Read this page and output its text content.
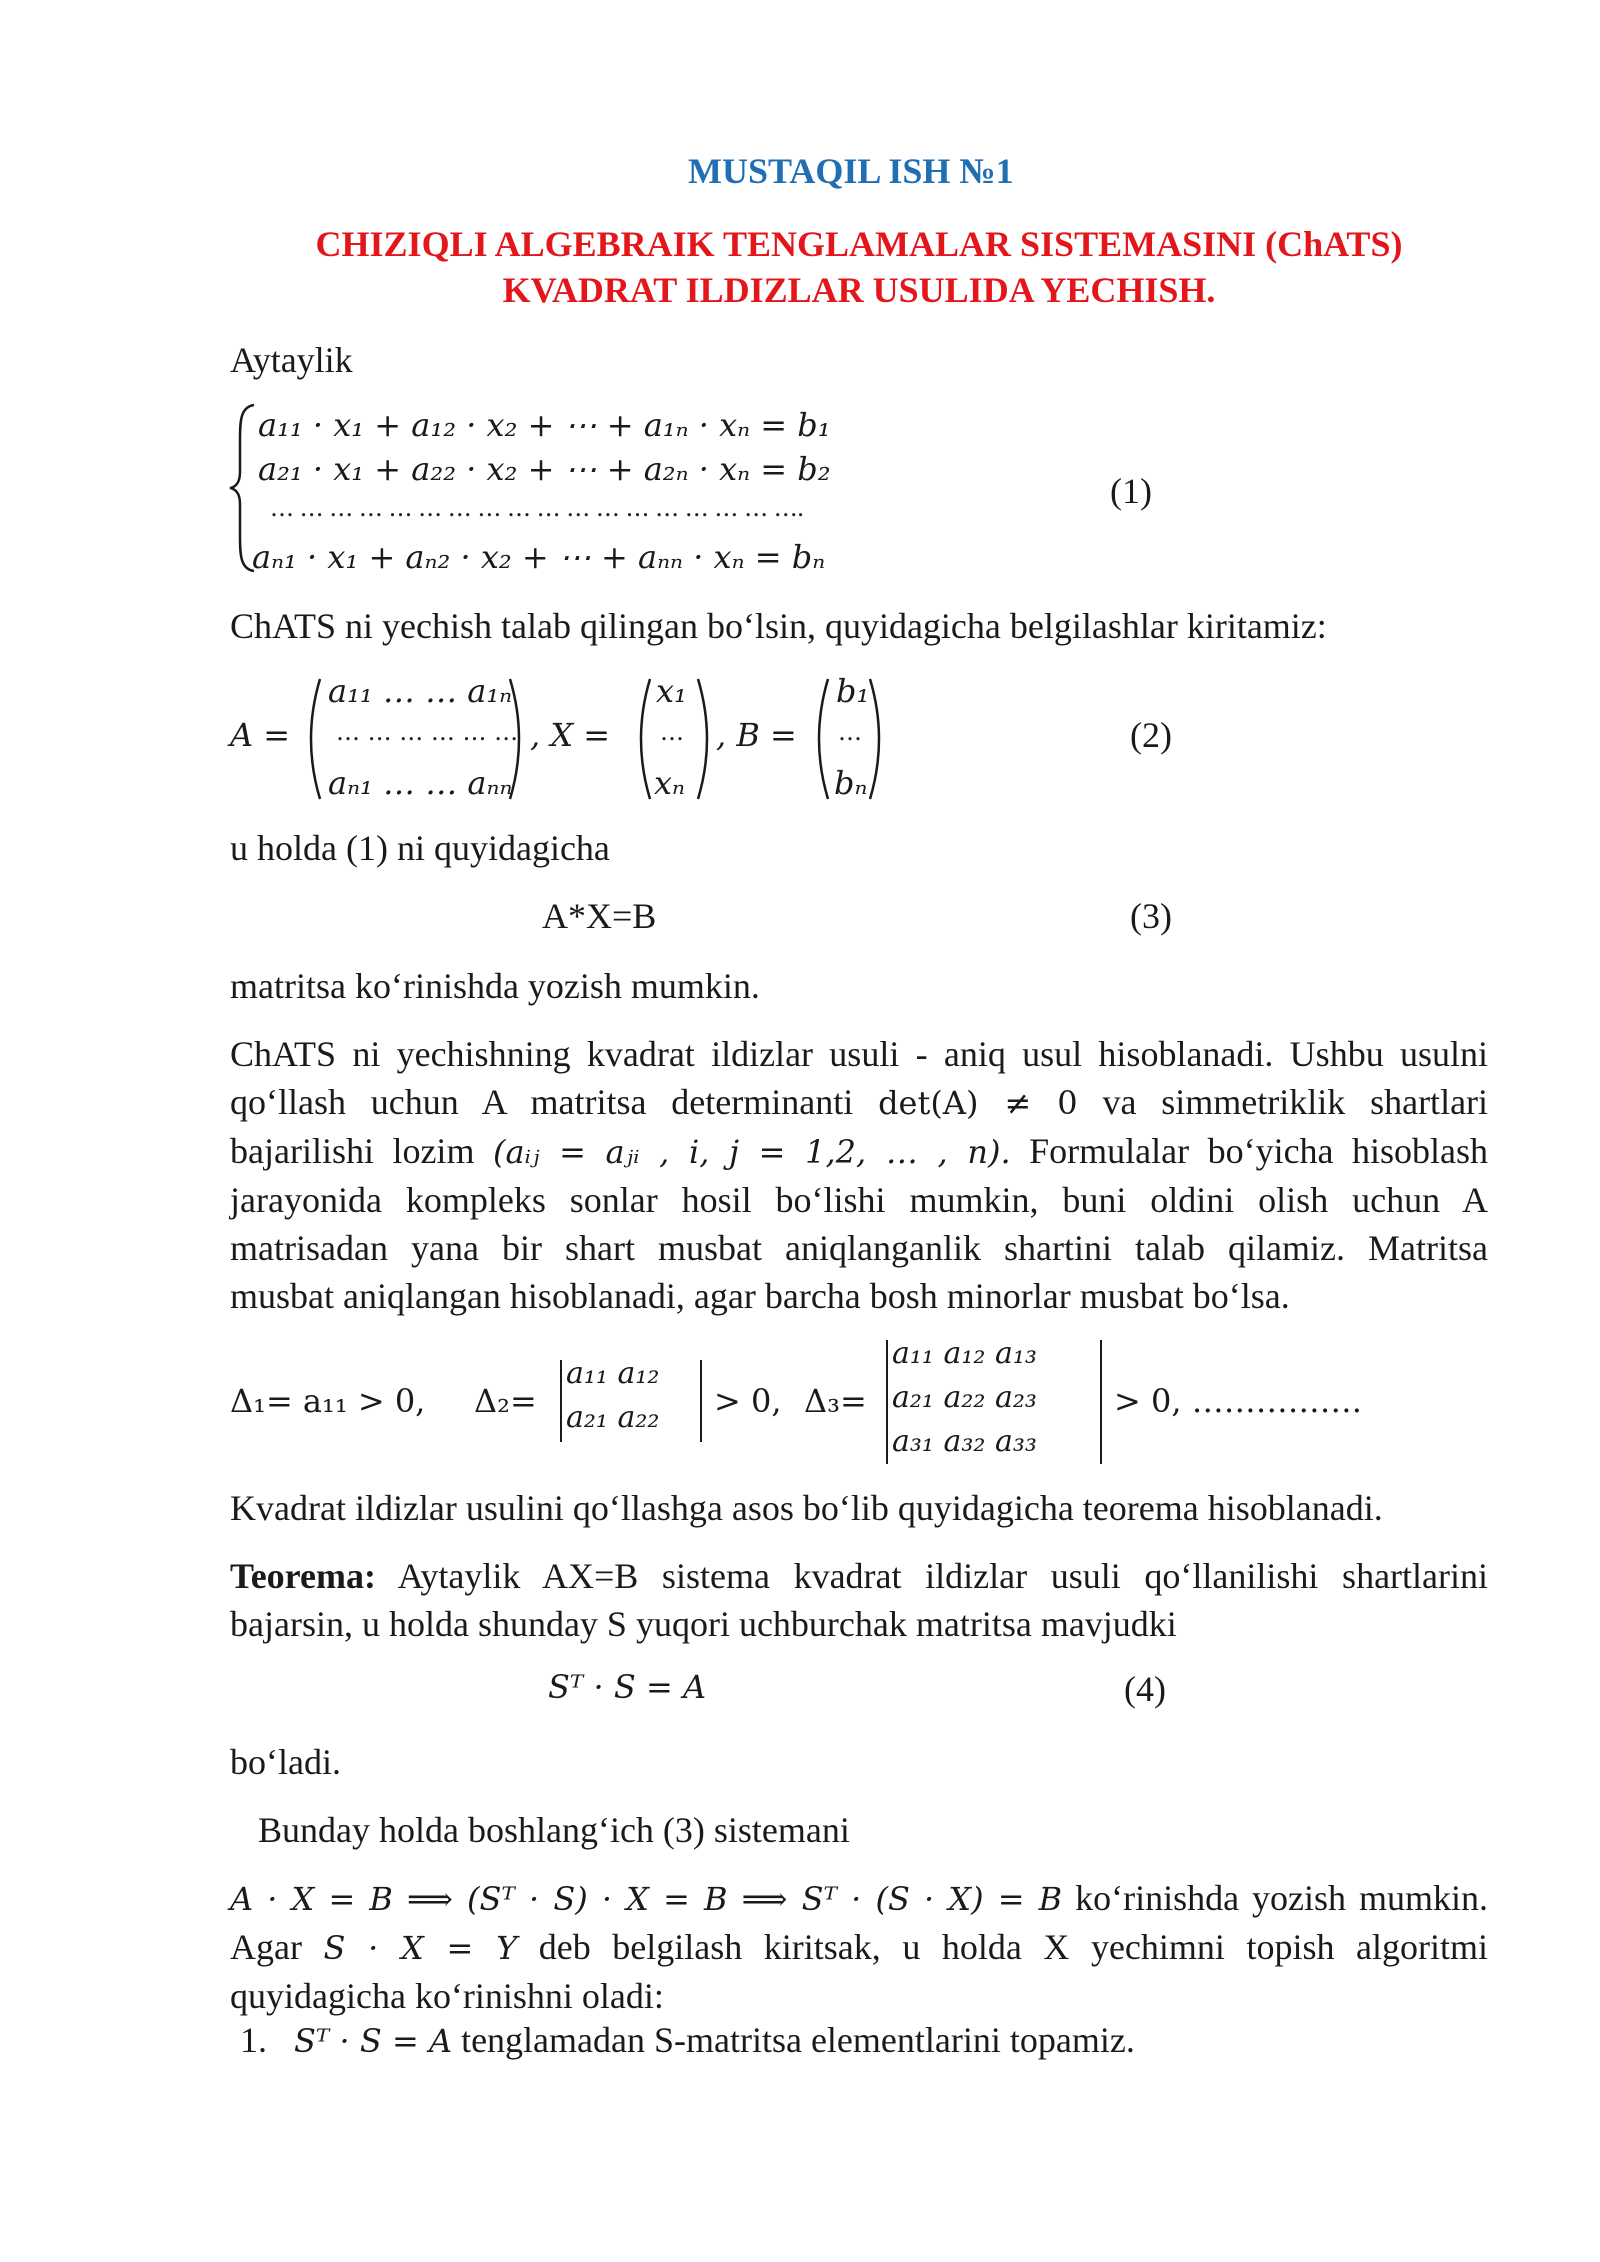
MUSTAQIL ISH №1
CHIZIQLI ALGEBRAIK TENGLAMALAR SISTEMASINI (ChATS)
KVADRAT ILDIZLAR USULIDA YECHISH.
Aytaylik
a₁₁ · x₁ + a₁₂ · x₂ + ⋯ + a₁ₙ · xₙ = b₁
a₂₁ · x₁ + a₂₂ · x₂ + ⋯ + a₂ₙ · xₙ = b₂
… … … … … … … … … … … … … … … … … ….
aₙ₁ · x₁ + aₙ₂ · x₂ + ⋯ + aₙₙ · xₙ = bₙ
(1)
ChATS ni yechish talab qilingan bo‘lsin, quyidagicha belgilashlar kiritamiz:
A =
a₁₁ … … a₁ₙ
… … … … … …
aₙ₁ … … aₙₙ
, X =
x₁
…
xₙ
, B =
b₁
…
bₙ
(2)
u holda (1) ni quyidagicha
A*X=B	(3)
matritsa ko‘rinishda yozish mumkin.
ChATS ni yechishning kvadrat ildizlar usuli - aniq usul hisoblanadi. Ushbu usulni
qo‘llash uchun A matritsa determinanti det(A) ≠ 0 va simmetriklik shartlari
bajarilishi lozim (aᵢⱼ = aⱼᵢ , i, j = 1,2, … , n). Formulalar bo‘yicha hisoblash
jarayonida kompleks sonlar hosil bo‘lishi mumkin, buni oldini olish uchun A
matrisadan yana bir shart musbat aniqlanganlik shartini talab qilamiz. Matritsa
musbat aniqlangan hisoblanadi, agar barcha bosh minorlar musbat bo‘lsa.
Δ₁= a₁₁ > 0, Δ₂=
a₁₁ a₁₂
a₂₁ a₂₂ > 0, Δ₃=
a₁₁ a₁₂ a₁₃
a₂₁ a₂₂ a₂₃
a₃₁ a₃₂ a₃₃
> 0, …………….
Kvadrat ildizlar usulini qo‘llashga asos bo‘lib quyidagicha teorema hisoblanadi.
Teorema: Aytaylik AX=B sistema kvadrat ildizlar usuli qo‘llanilishi shartlarini
bajarsin, u holda shunday S yuqori uchburchak matritsa mavjudki
Sᵀ · S = A	(4)
bo‘ladi.
Bunday holda boshlang‘ich (3) sistemani
A · X = B ⟹ (Sᵀ · S) · X = B ⟹ Sᵀ · (S · X) = B ko‘rinishda yozish mumkin.
Agar S · X = Y deb belgilash kiritsak, u holda X yechimni topish algoritmi
quyidagicha ko‘rinishni oladi:
1. Sᵀ · S = A tenglamadan S-matritsa elementlarini topamiz.
